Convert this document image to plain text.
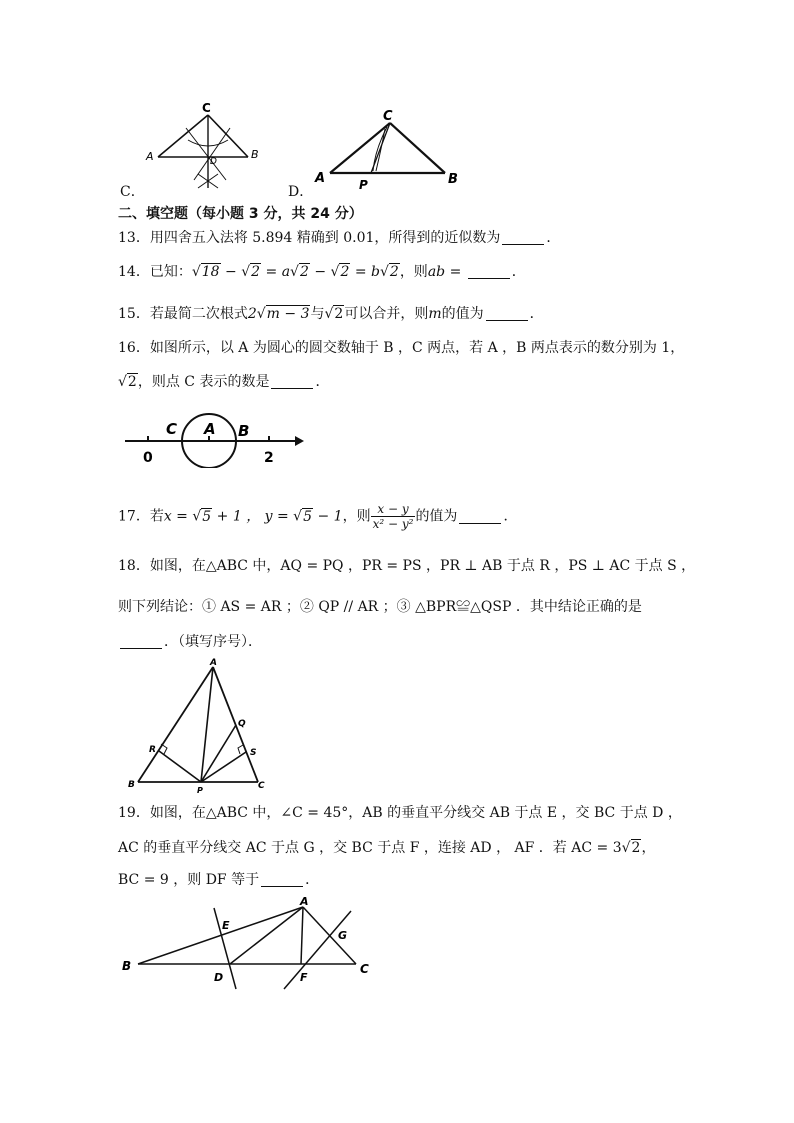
C．
C
A	B
D
D．
C
A	P	B
二、填空题（每小题 3 分，共 24 分）
13．用四舍五入法将 5.894 精确到 0.01，所得到的近似数为	．
14．已知：√18 − √2 = a√2 − √2 = b√2，则ab =	．
15．若最简二次根式2√m − 3与√2可以合并，则m的值为	．
16．如图所示，以 A 为圆心的圆交数轴于 B ，C 两点，若 A ，B 两点表示的数分别为 1，
√2，则点 C 表示的数是	．
C A B
0	2
17．若x = √5 + 1 ， y = √5 − 1，则 $\frac{x - y}{\text{x² − y²}}$ 的值为	．
18．如图，在△ABC 中，AQ = PQ ，PR = PS ，PR ⊥ AB 于点 R ，PS ⊥ AC 于点 S ，
则下列结论：① AS = AR ；② QP // AR ；③ △BPR≌△QSP ．其中结论正确的是
．（填写序号）．
A
Q
R	S
B
P	C
19．如图，在△ABC 中，∠C = 45°，AB 的垂直平分线交 AB 于点 E ，交 BC 于点 D ，
AC 的垂直平分线交 AC 于点 G ，交 BC 于点 F ，连接 AD ， AF ．若 AC = 3√2，
BC = 9 ，则 DF 等于	．
A
E
G
B
D	F
C
